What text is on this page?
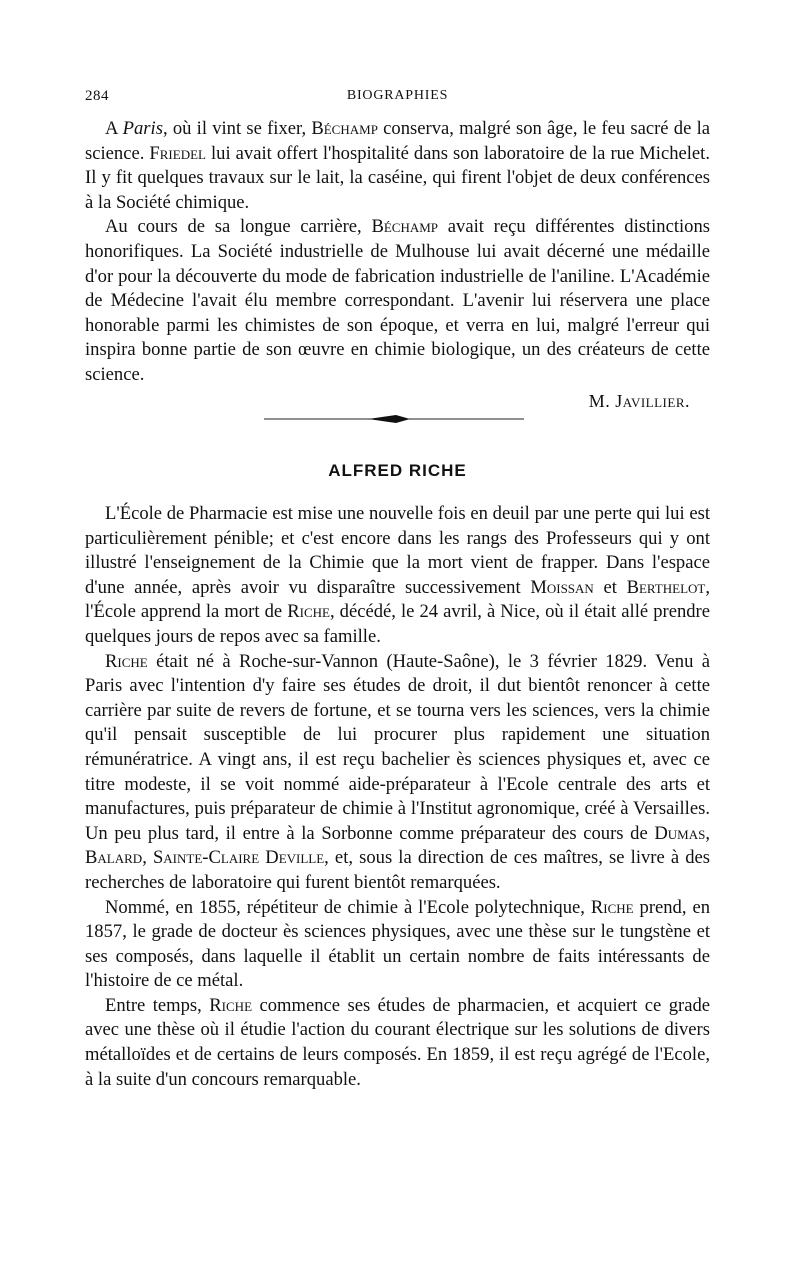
284	BIOGRAPHIES

A Paris, où il vint se fixer, Béchamp conserva, malgré son âge, le feu sacré de la science. Friedel lui avait offert l'hospitalité dans son laboratoire de la rue Michelet. Il y fit quelques travaux sur le lait, la caséine, qui firent l'objet de deux conférences à la Société chimique.

Au cours de sa longue carrière, Béchamp avait reçu différentes distinctions honorifiques. La Société industrielle de Mulhouse lui avait décerné une médaille d'or pour la découverte du mode de fabrication industrielle de l'aniline. L'Académie de Médecine l'avait élu membre correspondant. L'avenir lui réservera une place honorable parmi les chimistes de son époque, et verra en lui, malgré l'erreur qui inspira bonne partie de son œuvre en chimie biologique, un des créateurs de cette science.

M. Javillier.
ALFRED RICHE

L'École de Pharmacie est mise une nouvelle fois en deuil par une perte qui lui est particulièrement pénible; et c'est encore dans les rangs des Professeurs qui y ont illustré l'enseignement de la Chimie que la mort vient de frapper. Dans l'espace d'une année, après avoir vu disparaître successivement Moissan et Berthelot, l'École apprend la mort de Riche, décédé, le 24 avril, à Nice, où il était allé prendre quelques jours de repos avec sa famille.

Riche était né à Roche-sur-Vannon (Haute-Saône), le 3 février 1829. Venu à Paris avec l'intention d'y faire ses études de droit, il dut bientôt renoncer à cette carrière par suite de revers de fortune, et se tourna vers les sciences, vers la chimie qu'il pensait susceptible de lui procurer plus rapidement une situation rémunératrice. A vingt ans, il est reçu bachelier ès sciences physiques et, avec ce titre modeste, il se voit nommé aide-préparateur à l'Ecole centrale des arts et manufactures, puis préparateur de chimie à l'Institut agronomique, créé à Versailles. Un peu plus tard, il entre à la Sorbonne comme préparateur des cours de Dumas, Balard, Sainte-Claire Deville, et, sous la direction de ces maîtres, se livre à des recherches de laboratoire qui furent bientôt remarquées.

Nommé, en 1855, répétiteur de chimie à l'Ecole polytechnique, Riche prend, en 1857, le grade de docteur ès sciences physiques, avec une thèse sur le tungstène et ses composés, dans laquelle il établit un certain nombre de faits intéressants de l'histoire de ce métal.

Entre temps, Riche commence ses études de pharmacien, et acquiert ce grade avec une thèse où il étudie l'action du courant électrique sur les solutions de divers métalloïdes et de certains de leurs composés. En 1859, il est reçu agrégé de l'Ecole, à la suite d'un concours remarquable.
